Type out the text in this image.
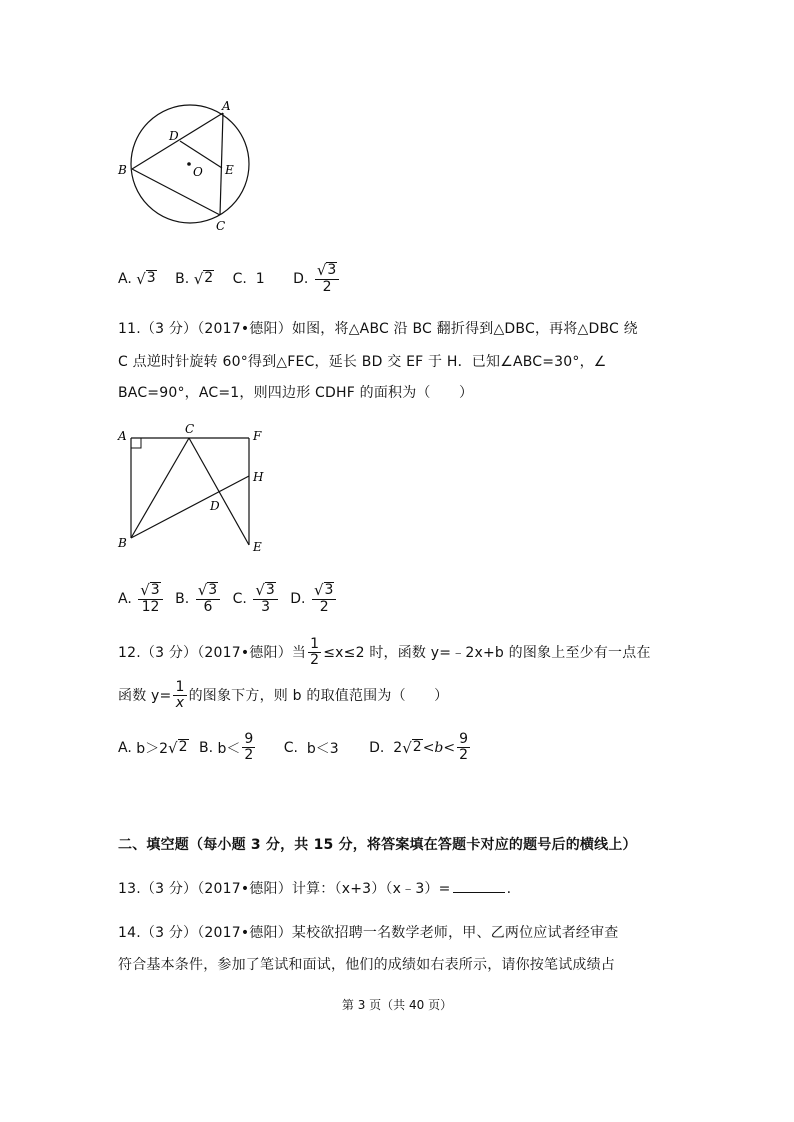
A
D
B	O E
C
A.
√ 3
B.
√ 2
C.
1
D.
$\frac{√ 3}{2}$
11.（3 分）（2017•德阳）如图，将△ABC 沿 BC 翻折得到△DBC，再将△DBC 绕
C 点逆时针旋转 60°得到△FEC，延长 BD 交 EF 于 H．已知∠ABC=30°，∠
BAC=90°，AC=1，则四边形 CDHF 的面积为（　　）
A	C	F
H
D
B	E
A.
$\frac{√ 3}{12}$
B.
$\frac{√ 3}{6}$
C.
$\frac{√ 3}{3}$
D.
$\frac{√ 3}{2}$
12.（3 分）（2017•德阳）当 $\frac{1}{2} \le x\le 2$ 时，函数 y=﹣2x+b 的图象上至少有一点在
函数 $y= \frac{1}{x}$ 的图象下方，则 b 的取值范围为（　　）
A.
b＞2 √ 2
B.
$b< \frac{9}{2}$
C.
b＜3
D.
2 √ $2 <b< \frac{9}{2}$
二、填空题（每小题 3 分，共 15 分，将答案填在答题卡对应的题号后的横线上）
13.（3 分）（2017•德阳）计算：（x+3）（x﹣3）=	.
14.（3 分）（2017•德阳）某校欲招聘一名数学老师，甲、乙两位应试者经审查
符合基本条件，参加了笔试和面试，他们的成绩如右表所示，请你按笔试成绩占
第 3 页（共 40 页）
